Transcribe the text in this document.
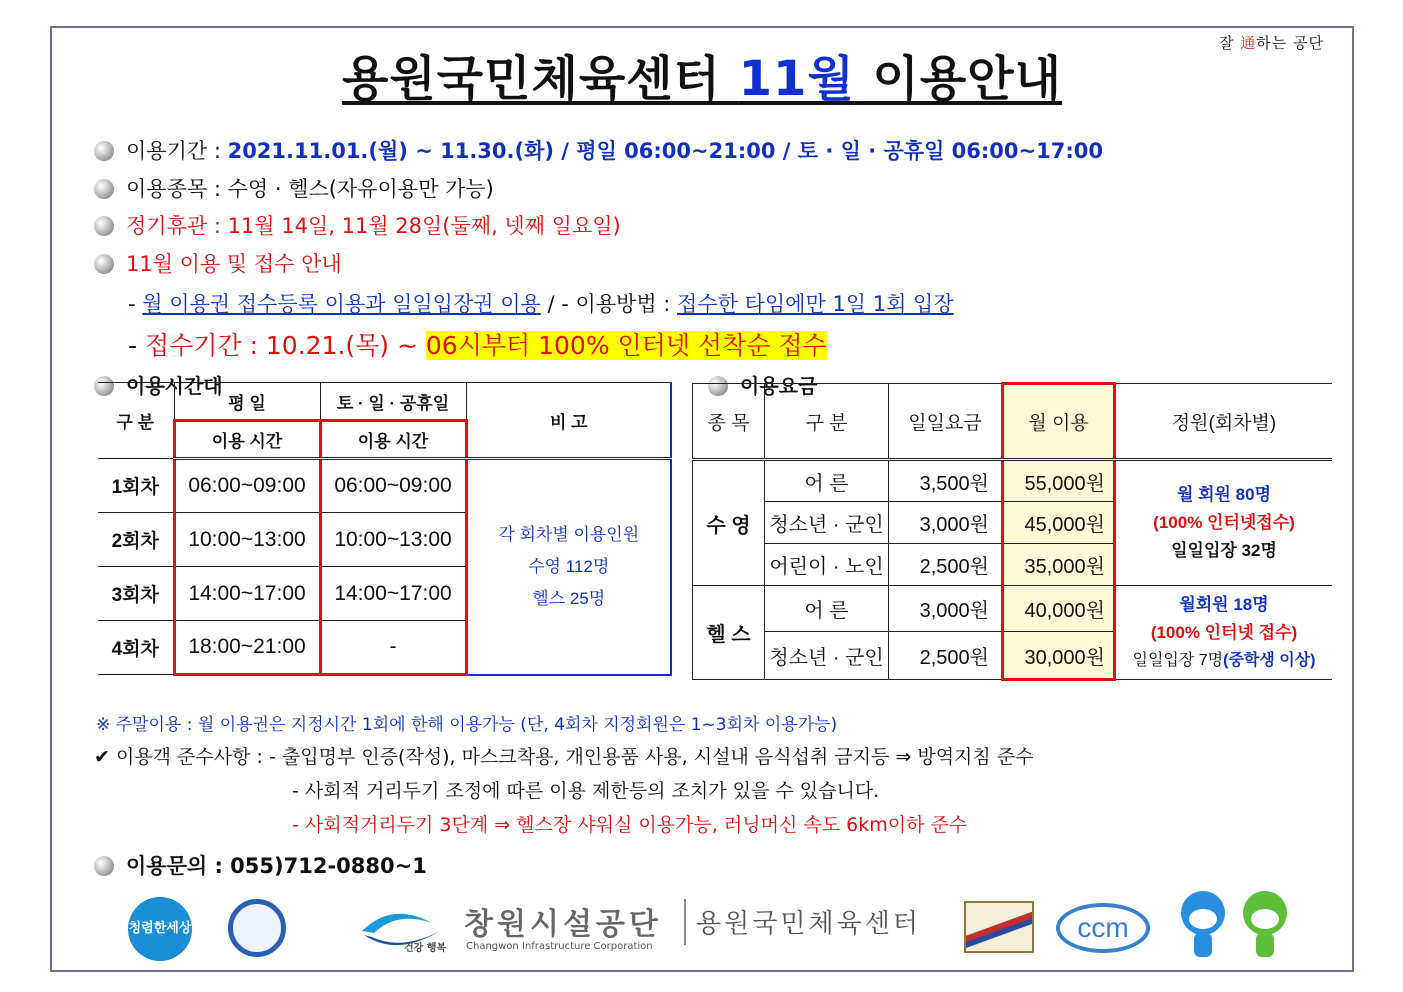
잘 通하는 공단
용원국민체육센터 11월 이용안내
이용기간 : 2021.11.01.(월) ~ 11.30.(화) / 평일 06:00~21:00 / 토 · 일 · 공휴일 06:00~17:00
이용종목 : 수영 · 헬스(자유이용만 가능)
정기휴관 : 11월 14일, 11월 28일(둘째, 넷째 일요일)
11월 이용 및 접수 안내
- 월 이용권 접수등록 이용과 일일입장권 이용 / - 이용방법 : 접수한 타임에만 1일 1회 입장
- 접수기간 : 10.21.(목) ~ 06시부터 100% 인터넷 선착순 접수
이용시간대	이용요금
구 분	평 일	토 · 일 · 공휴일	비 고
	이용 시간	이용 시간	
1회차	06:00~09:00	06:00~09:00	각 회차별 이용인원
수영 112명
헬스 25명

2회차	10:00~13:00	10:00~13:00	
3회차	14:00~17:00	14:00~17:00	
4회차	18:00~21:00	-	
종 목	구 분	일일요금	월 이용	정원(회차별)
수 영	어 른	3,500원	55,000원	월 회원 80명
(100% 인터넷접수)
일일입장 32명

	청소년 · 군인	3,000원	45,000원	
	어린이 · 노인	2,500원	35,000원	
헬 스	어 른	3,000원	40,000원	월회원 18명
(100% 인터넷 접수)
일일입장 7명(중학생 이상)

	청소년 · 군인	2,500원	30,000원	
※ 주말이용 : 월 이용권은 지정시간 1회에 한해 이용가능 (단, 4회차 지정회원은 1~3회차 이용가능)
✔ 이용객 준수사항 : - 출입명부 인증(작성), 마스크착용, 개인용품 사용, 시설내 음식섭취 금지등 ⇒ 방역지침 준수
- 사회적 거리두기 조정에 따른 이용 제한등의 조치가 있을 수 있습니다.
- 사회적거리두기 3단계 ⇒ 헬스장 샤워실 이용가능, 러닝머신 속도 6km이하 준수
이용문의 : 055)712-0880~1
청렴한세상
건강 행복
창원시설공단
Changwon Infrastructure Corporation
용원국민체육센터	ccm
